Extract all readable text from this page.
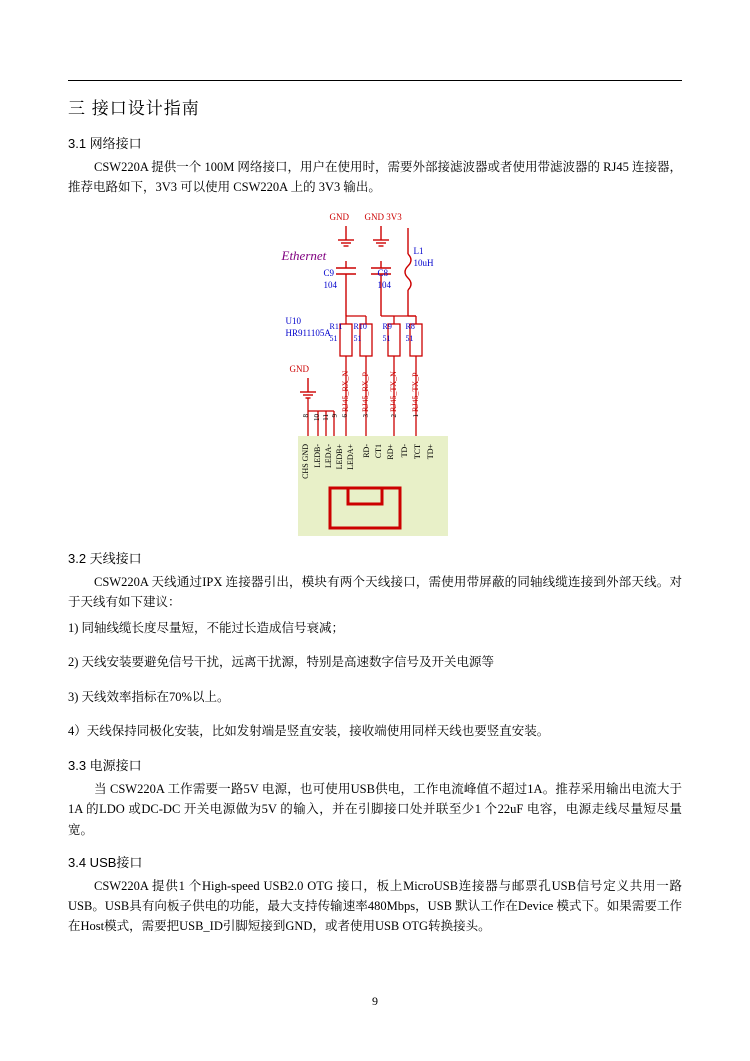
三 接口设计指南
3.1 网络接口

CSW220A 提供一个 100M 网络接口，用户在使用时，需要外部接滤波器或者使用带滤波器的 RJ45 连接器，推荐电路如下，3V3 可以使用 CSW220A 上的 3V3 输出。

GND GND 3V3
GND
Ethernet
U10
HR911105A
L1
10uH
C9
104
C8
104
R11
51
R10
51
R9
51
R8
51
RJ45_RX_N RJ45_RX_P RJ45_TX_N RJ45_TX_P
8 10 11 9 6 3	2 1
CHS GND LEDB- LEDA- LEDB+ LEDA+ RD- CT1 RD+ TD- TCT TD+
3.2 天线接口

CSW220A 天线通过IPX 连接器引出，模块有两个天线接口，需使用带屏蔽的同轴线缆连接到外部天线。对于天线有如下建议：

1) 同轴线缆长度尽量短，不能过长造成信号衰减；

2) 天线安装要避免信号干扰，远离干扰源，特别是高速数字信号及开关电源等

3) 天线效率指标在70%以上。

4）天线保持同极化安装，比如发射端是竖直安装，接收端使用同样天线也要竖直安装。

3.3 电源接口

当 CSW220A 工作需要一路5V 电源，也可使用USB供电，工作电流峰值不超过1A。推荐采用输出电流大于 1A 的LDO 或DC-DC 开关电源做为5V 的输入，并在引脚接口处并联至少1 个22uF 电容，电源走线尽量短尽量宽。

3.4 USB接口

CSW220A 提供1 个High-speed USB2.0 OTG 接口，板上MicroUSB连接器与邮票孔USB信号定义共用一路USB。USB具有向板子供电的功能，最大支持传输速率480Mbps，USB 默认工作在Device 模式下。如果需要工作在Host模式，需要把USB_ID引脚短接到GND，或者使用USB OTG转换接头。

9
